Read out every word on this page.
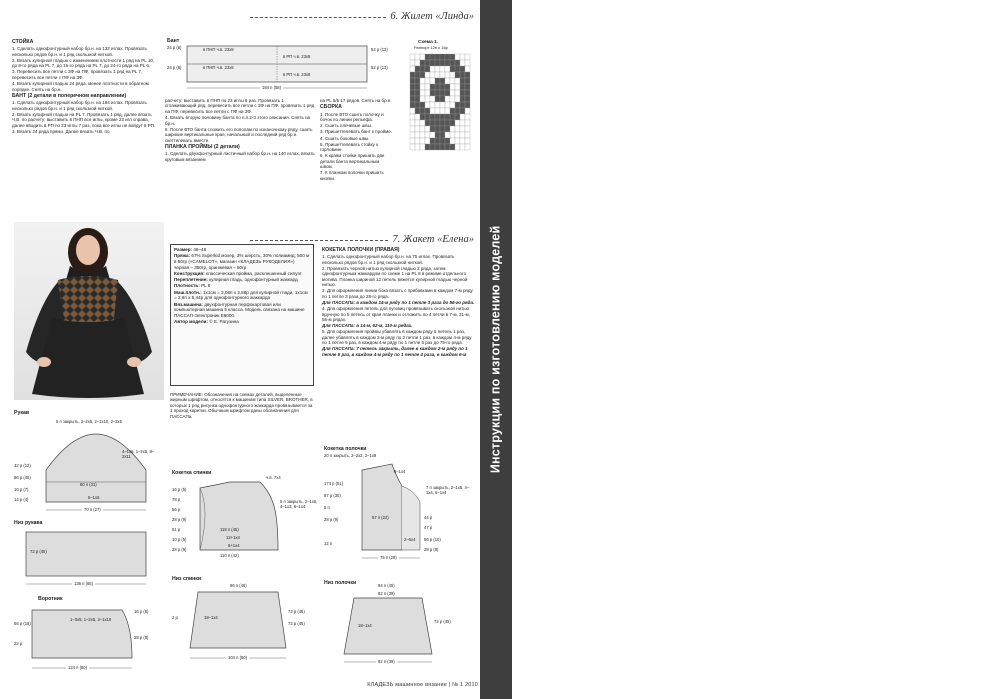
Инструкции по изготовлению моделей
57
6. Жилет «Линда»
СТОЙКА

1. Сделать однофонтурный набор бр.н. на 132 иглах. Провязать несколько рядов бр.н. и 1 ряд скользкой ниткой.

2. Вязать кулирной гладью с изменением плотности 1 ряд на PL 10, до 8-го ряда на PL 7, до 16-го ряда на PL 7, до 24-го ряда на PL 6.

3. Перевесить все петли с ЗФ на ПФ, провязать 1 ряд на PL 7, перевесить все петли с ПФ на ЗФ.

4. Вязать кулирной гладью 24 ряда, менее плотности в обратном порядке. Снять на бр.н.

БАНТ (2 детали в поперечном направлении)

1. Сделать однофонтурный набор бр.н. на 184 иглах. Провязать несколько рядов бр.н. и 1 ряд скользкой ниткой.

2. Вязать кулирной гладью на PL 7. Провязать 1 ряд, далее вязать Ч.В. по расчету: выставить в ПНП все иглы, кроме 23 игл справа, далее вводить в РП по 23 иглы 7 раз, пока все иглы не войдут в РП.

3. Вязать 24 ряда прямо. Далее вязать Ч.В. по

Бант
24 р (6)
24 р (6)
в ПНП ч.в. 23х8
в РП ч.в. 23х8
в ПНП ч.в. 23х8
в РП ч.в. 23х8
52 р (13)
52 р (13)
184 п (58)

расчету: выставить в ПНП по 23 иглы 8 раз. Провязать 1 сглаживающий ряд, перевесить все петли с ЗФ на ПФ, провязать 1 ряд на ПФ, перевесить все петли с ПФ на ЗФ.

4. Вязать вторую половину банта по п.п.2-3 этого описания. Снять на бр.н.

5. После ВТО банта сложить его пополам по изнаночному ряду, сшить широкие вертикальные края, начальный и последний ряд бр.н. скеттелевать вместе.

ПЛАНКА ПРОЙМЫ (2 детали)

1. Сделать двухфонтурный ластичный набор бр.н. на 140 иглах, вязать круговым вязанием

на PL 5/5 17 рядов. Снять на бр.н.

СБОРКА

1. После ВТО сшить полочку и бочок по линии рельефа.

2. Сшить плечевые швы.

3. Пришеттелевать бант к пройме.

4. Сшить боковые швы.

5. Пришеттелевать стойку к горловине.

6. К краям стойки пришить две детали банта вертикальным швом.

7. К планкам полочки пришить кнопки.

Схема 1.
Раппорт 12п х 16р
7. Жакет «Елена»

Размер: 46–48

Пряжа: 67% Superkid мохер, 3% шерсть, 30% полиамид; 500 м в 50гр («CAMELOT», магазин «КЛАДЕЗЬ РУКОДЕЛИЯ») черная – 350гр, оранжевая – 60гр

Конструкция: классическая пройма, расклешенный силуэт

Переплетение: кулирная гладь, однофонтурный жаккард

Плотность: PL 8

Маш.плотн.: 1х1см = 2,08п х 2,88р для кулирной глади, 1х1см = 2,6п х 5,44р для однофонтурного жаккарда

Вяз.машина: двухфонтурная перфокартовая или компьютерная машина 5 класса. Модель связана на машине ПАССАП-Электроник Е6000.

Автор модели: © Е. Рагузина

ПРИМЕЧАНИЕ: Обозначения на схемах деталей, выделенные жирным шрифтом, относятся к машинам типа SILVER, BROTHER, в которых 1 ряд рисунка однофонтурного жаккарда провязывается за 1 проход каретки. Обычным шрифтом даны обозначения для ПАССАПа.

КОКЕТКА ПОЛОЧКИ (ПРАВАЯ)

1. Сделать однофонтурный набор бр.н. на 75 иглах. Провязать несколько рядов бр.н. и 1 ряд скользкой ниткой.

2. Провязать черной нитью кулирной гладью 2 ряда, затем однофонтурным жаккардом по схеме 1 на PL 8 в режиме отдельного мотива. Планка шириной 12 петель вяжется кулирной гладью черной нитью.

3. Для оформления линии бока вязать с прибавками в каждом 7-м ряду по 1 петле 3 раза до 28-го ряда.

Для ПАССАПа: в каждом 14-м ряду по 1 петле 3 раза до 56-го ряда.

4. Для оформления петель для пуговиц провязывать скользкой нитью вручную по 5 петель от края планки и отложить по 4 петли в 7-м, 31-м, 55-м рядах.

Для ПАССАПа: в 14-м, 62-м, 110-м рядах.

5. Для оформления проймы убавлять в каждом ряду 5 петель 1 раз, далее убавлять в каждом 2-м ряду по 2 петли 1 раз, в каждом 4-м ряду по 1 петле 9 раз, в каждом 4-м ряду по 1 петле 5 раз до 75-го ряда.

Для ПАССАПа: 7 петель закрыть, далее в каждом 2-м ряду по 1 петле 5 раз, в каждом 4-м ряду по 1 петле 4 раза, в каждом 6-м

Рукав
5 п закрыть, 2–2х5, 2–1х10, 2–2х5
4–1х6, 1–2х5, 8–2х11
80 п (31)
5–1х5
70 п (27)
42 р (12)
86 р (45)
10 р (7)
14 р (4)
Низ рукава
72 р (45)
136 п (65)
Воротник
1–3х5, 1–2х5, 2–1х10
56 р (18)
16 р (6)
28 р (8)
22 р
124 п (50)
Кокетка спинки
ч.в. 7х4
5 п закрыть, 2–1х6, 4–1х3, 6–1х4
118 п (45)
12+1х4
6+1х4
110 п (42)
16 р (5)
78 р
56 р
28 р (9)
51 р
10 р (5)
28 р (9)
Низ спинки
96 п (46)
104 п (50)
18–1х4
72 р (45)
2 р
72 р (45)
Кокетка полочки
20 п закрыть, 2–2х2, 2–1х9
6–1х4
7 п закрыть, 2–1х5, 4–1х4, 6–1х4
57 п (22)
75 п (29)
2–6х4
174 р (51)
87 р (30)
5 п
28 р (9)	44 р
47 р
56 р (10)
28 р (9)
12 п
Низ полочки	94 п (45)
82 п (39)
82 п (39)
18–1х4
72 р (45)
КЛАДЕЗЬ машинное вязание | № 1 2010
